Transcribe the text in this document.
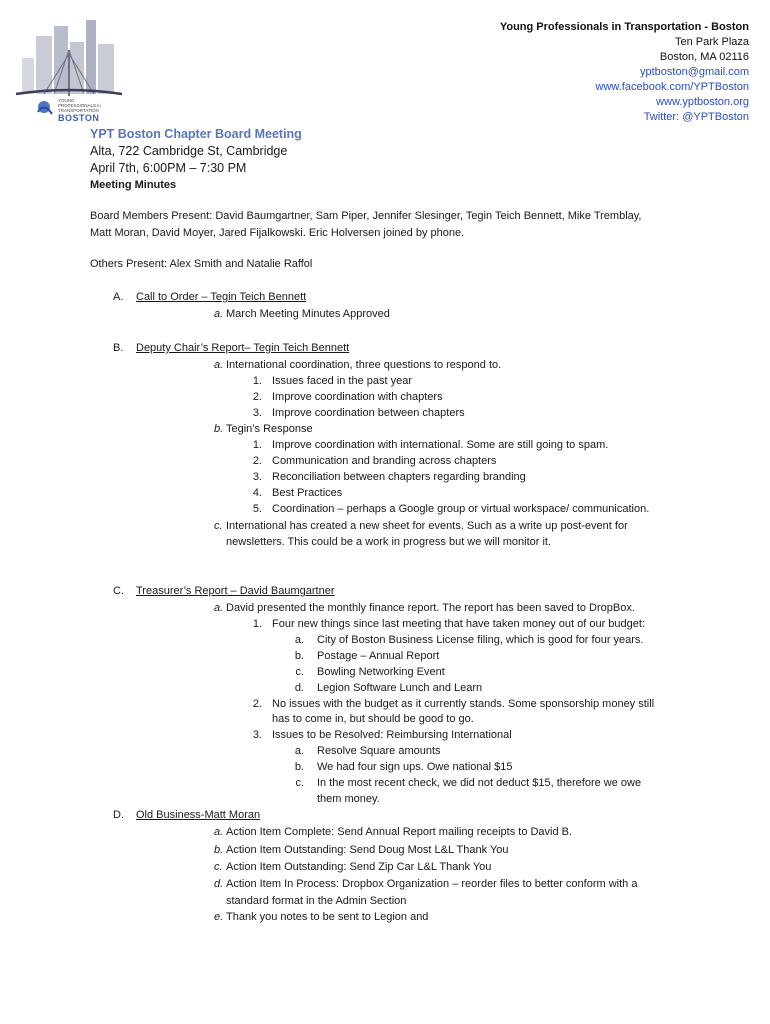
YOUNG
PROFESSIONALS in
TRANSPORTATION
BOSTON
Young Professionals in Transportation - Boston
Ten Park Plaza
Boston, MA 02116
yptboston@gmail.com
www.facebook.com/YPTBoston
www.yptboston.org
Twitter: @YPTBoston
YPT Boston Chapter Board Meeting
Alta, 722 Cambridge St, Cambridge
April 7th, 6:00PM – 7:30 PM
Meeting Minutes
Board Members Present: David Baumgartner, Sam Piper, Jennifer Slesinger, Tegin Teich Bennett, Mike Tremblay,
Matt Moran, David Moyer, Jared Fijalkowski. Eric Holversen joined by phone.
Others Present: Alex Smith and Natalie Raffol
A. Call to Order – Tegin Teich Bennett
a. March Meeting Minutes Approved
B. Deputy Chair’s Report– Tegin Teich Bennett
a. International coordination, three questions to respond to.
1. Issues faced in the past year
2. Improve coordination with chapters
3. Improve coordination between chapters
b. Tegin’s Response
1. Improve coordination with international. Some are still going to spam.
2. Communication and branding across chapters
3. Reconciliation between chapters regarding branding
4. Best Practices
5. Coordination – perhaps a Google group or virtual workspace/ communication.
c. International has created a new sheet for events. Such as a write up post-event for
newsletters. This could be a work in progress but we will monitor it.
C. Treasurer’s Report – David Baumgartner
a. David presented the monthly finance report. The report has been saved to DropBox.
1. Four new things since last meeting that have taken money out of our budget:
a. City of Boston Business License filing, which is good for four years.
b. Postage – Annual Report
c. Bowling Networking Event
d. Legion Software Lunch and Learn
2. No issues with the budget as it currently stands. Some sponsorship money still
has to come in, but should be good to go.
3. Issues to be Resolved: Reimbursing International
a. Resolve Square amounts
b. We had four sign ups. Owe national $15
c. In the most recent check, we did not deduct $15, therefore we owe
them money.
D. Old Business-Matt Moran
a. Action Item Complete: Send Annual Report mailing receipts to David B.
b. Action Item Outstanding: Send Doug Most L&L Thank You
c. Action Item Outstanding: Send Zip Car L&L Thank You
d. Action Item In Process: Dropbox Organization – reorder files to better conform with a
standard format in the Admin Section
e. Thank you notes to be sent to Legion and
